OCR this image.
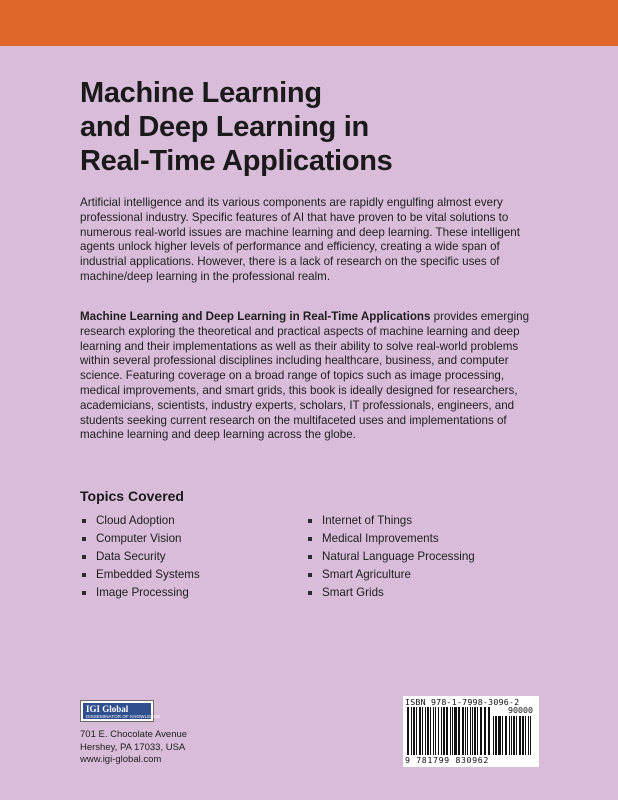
Machine Learning
and Deep Learning in
Real-Time Applications
Artificial intelligence and its various components are rapidly engulfing almost every professional industry. Specific features of AI that have proven to be vital solutions to numerous real-world issues are machine learning and deep learning. These intelligent agents unlock higher levels of performance and efficiency, creating a wide span of industrial applications. However, there is a lack of research on the specific uses of machine/deep learning in the professional realm.
Machine Learning and Deep Learning in Real-Time Applications provides emerging research exploring the theoretical and practical aspects of machine learning and deep learning and their implementations as well as their ability to solve real-world problems within several professional disciplines including healthcare, business, and computer science. Featuring coverage on a broad range of topics such as image processing, medical improvements, and smart grids, this book is ideally designed for researchers, academicians, scientists, industry experts, scholars, IT professionals, engineers, and students seeking current research on the multifaceted uses and implementations of machine learning and deep learning across the globe.
Topics Covered
Cloud Adoption
Computer Vision
Data Security
Embedded Systems
Image Processing
Internet of Things
Medical Improvements
Natural Language Processing
Smart Agriculture
Smart Grids
IGI Global
DISSEMINATOR OF KNOWLEDGE
701 E. Chocolate Avenue
Hershey, PA 17033, USA
www.igi-global.com
ISBN 978-1-7998-3096-2
90000
9 781799 830962
